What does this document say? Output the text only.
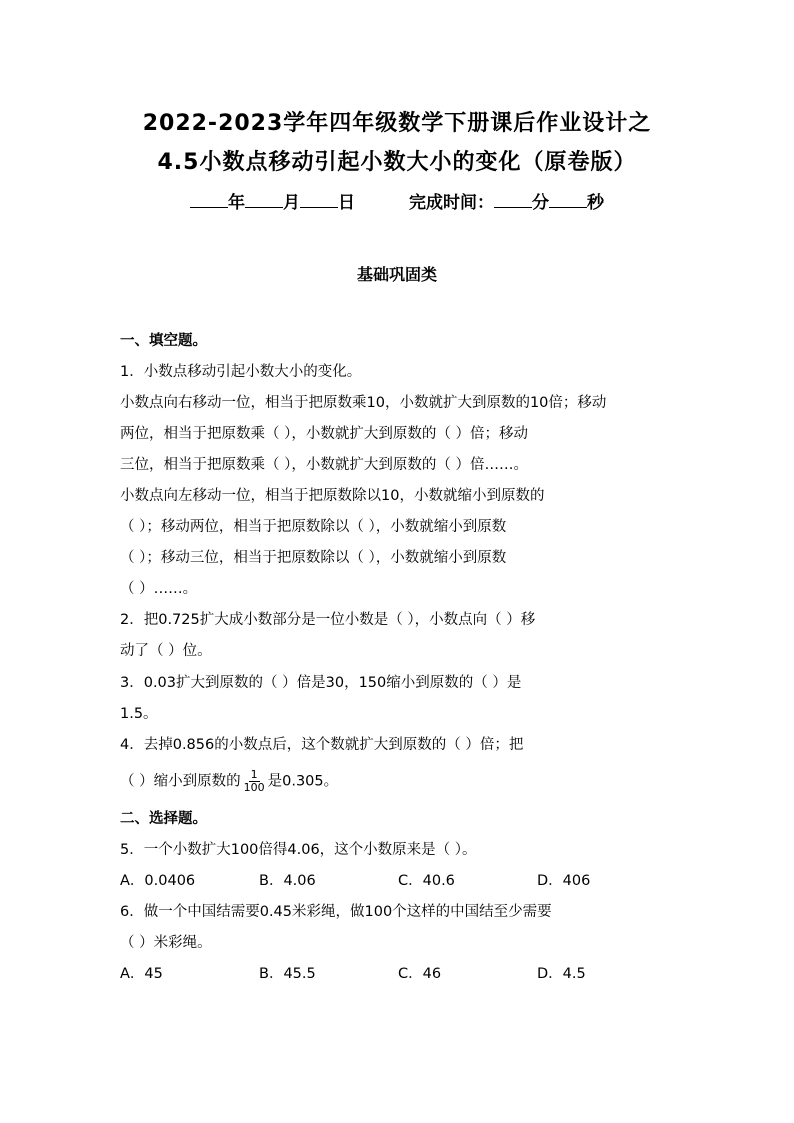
2022-2023学年四年级数学下册课后作业设计之
4.5小数点移动引起小数大小的变化（原卷版）
年 月 日	完成时间： 分 秒
基础巩固类
一、填空题。
1．小数点移动引起小数大小的变化。
小数点向右移动一位，相当于把原数乘10，小数就扩大到原数的10倍；移动
两位，相当于把原数乘（ ），小数就扩大到原数的（ ）倍；移动
三位，相当于把原数乘（ ），小数就扩大到原数的（ ）倍……。
小数点向左移动一位，相当于把原数除以10，小数就缩小到原数的
（ ）；移动两位，相当于把原数除以（ ），小数就缩小到原数
（ ）；移动三位，相当于把原数除以（ ），小数就缩小到原数
（ ）……。
2．把0.725扩大成小数部分是一位小数是（ ），小数点向（ ）移
动了（ ）位。
3．0.03扩大到原数的（ ）倍是30，150缩小到原数的（ ）是
1.5。
4．去掉0.856的小数点后，这个数就扩大到原数的（ ）倍；把
（ ）缩小到原数的 $\frac{1}{100}$ 是0.305。
二、选择题。
5．一个小数扩大100倍得4.06，这个小数原来是（ ）。
A．0.0406	B．4.06	C．40.6	D．406
6．做一个中国结需要0.45米彩绳，做100个这样的中国结至少需要
（ ）米彩绳。
A．45	B．45.5	C．46	D．4.5
